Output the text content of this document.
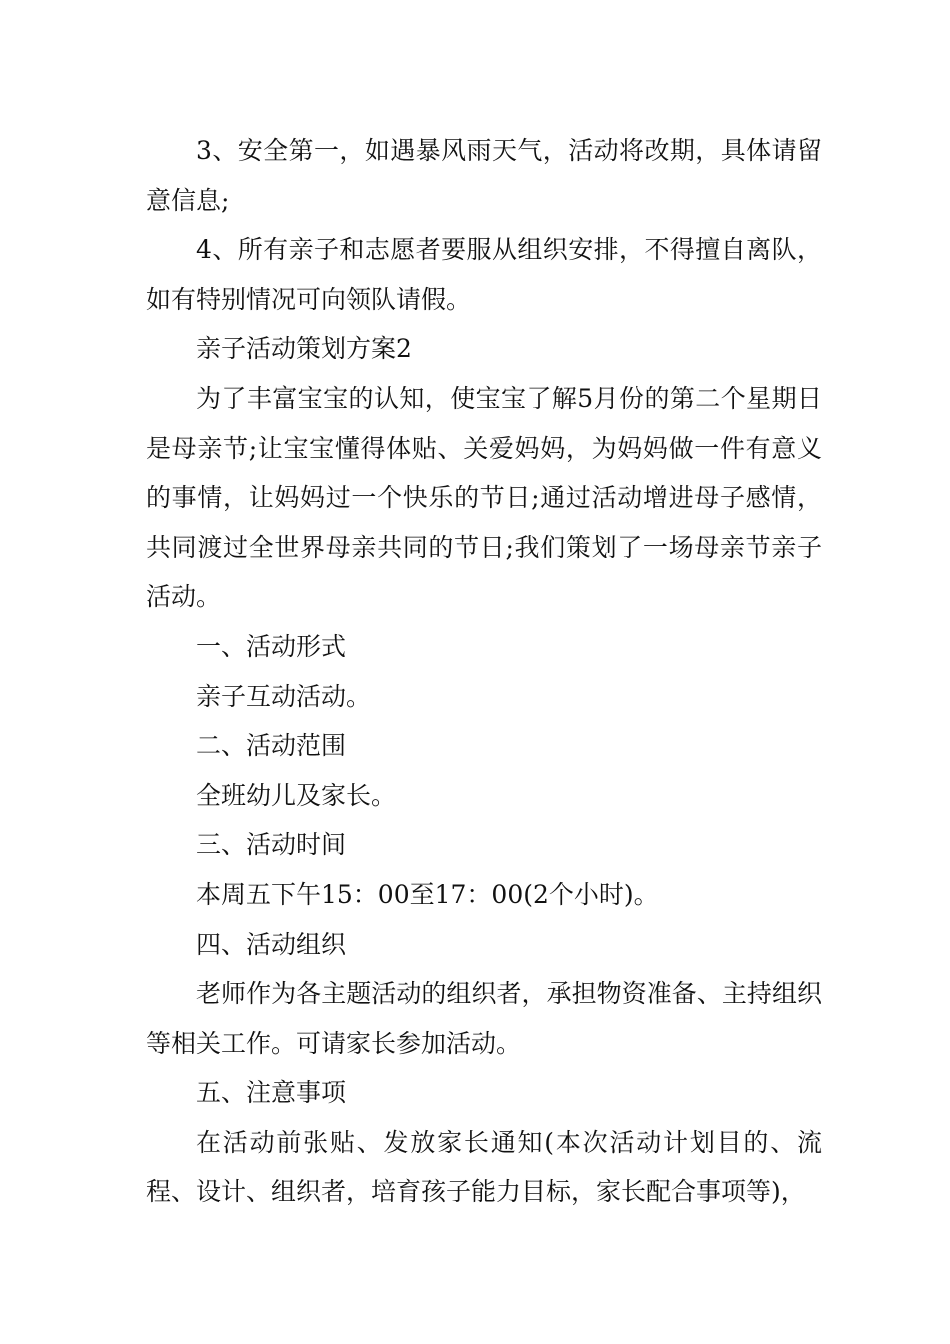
3、安全第一，如遇暴风雨天气，活动将改期，具体请留意信息;

4、所有亲子和志愿者要服从组织安排，不得擅自离队，如有特别情况可向领队请假。

亲子活动策划方案2

为了丰富宝宝的认知，使宝宝了解5月份的第二个星期日是母亲节;让宝宝懂得体贴、关爱妈妈，为妈妈做一件有意义的事情，让妈妈过一个快乐的节日;通过活动增进母子感情，共同渡过全世界母亲共同的节日;我们策划了一场母亲节亲子活动。

一、活动形式

亲子互动活动。

二、活动范围

全班幼儿及家长。

三、活动时间

本周五下午15：00至17：00(2个小时)。

四、活动组织

老师作为各主题活动的组织者，承担物资准备、主持组织等相关工作。可请家长参加活动。

五、注意事项

在活动前张贴、发放家长通知(本次活动计划目的、流程、设计、组织者，培育孩子能力目标，家长配合事项等)，
